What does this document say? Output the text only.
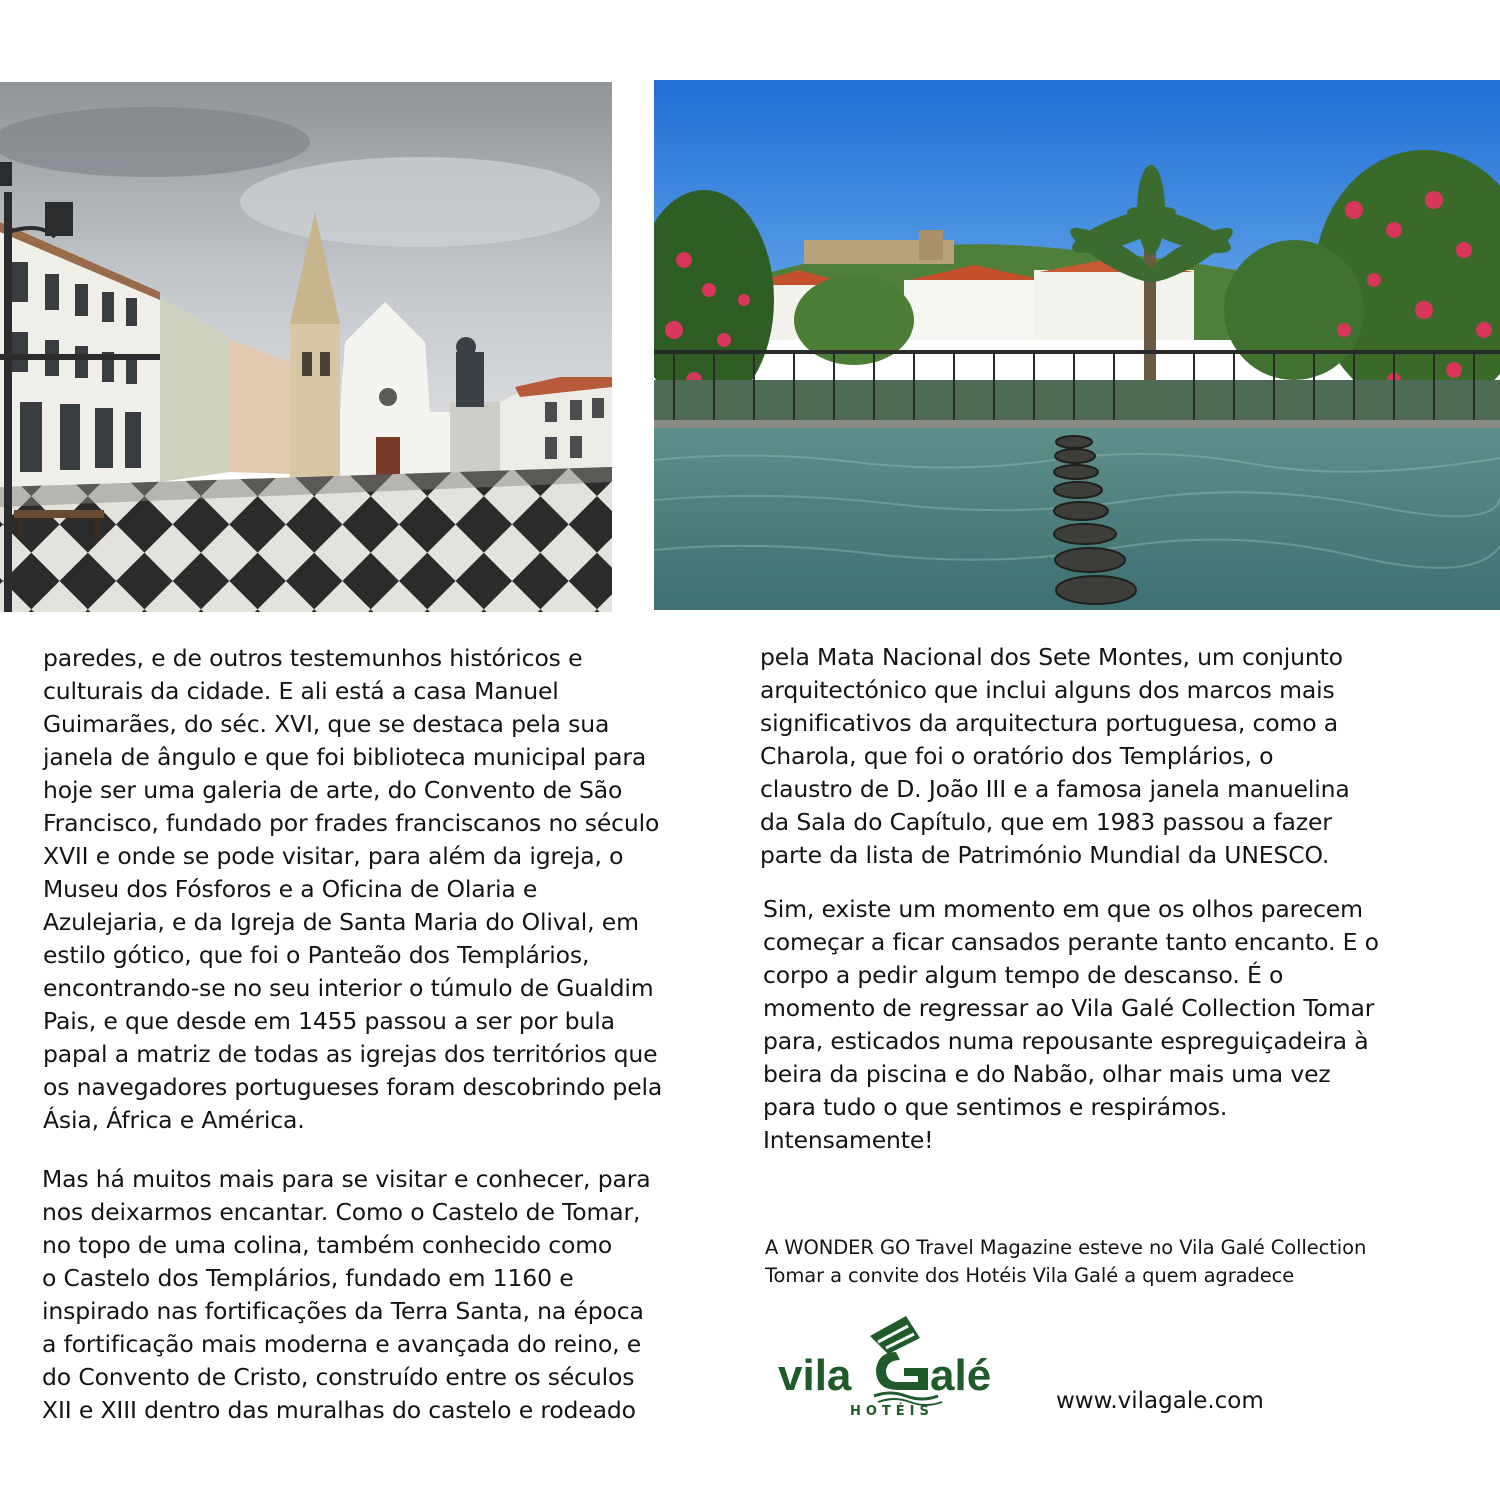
paredes, e de outros testemunhos históricos e

culturais da cidade. E ali está a casa Manuel

Guimarães, do séc. XVI, que se destaca pela sua

janela de ângulo e que foi biblioteca municipal para

hoje ser uma galeria de arte, do Convento de São

Francisco, fundado por frades franciscanos no século

XVII e onde se pode visitar, para além da igreja, o

Museu dos Fósforos e a Oficina de Olaria e

Azulejaria, e da Igreja de Santa Maria do Olival, em

estilo gótico, que foi o Panteão dos Templários,

encontrando-se no seu interior o túmulo de Gualdim

Pais, e que desde em 1455 passou a ser por bula

papal a matriz de todas as igrejas dos territórios que

os navegadores portugueses foram descobrindo pela

Ásia, África e América.

Mas há muitos mais para se visitar e conhecer, para

nos deixarmos encantar. Como o Castelo de Tomar,

no topo de uma colina, também conhecido como

o Castelo dos Templários, fundado em 1160 e

inspirado nas fortificações da Terra Santa, na época

a fortificação mais moderna e avançada do reino, e

do Convento de Cristo, construído entre os séculos

XII e XIII dentro das muralhas do castelo e rodeado

pela Mata Nacional dos Sete Montes, um conjunto

arquitectónico que inclui alguns dos marcos mais

significativos da arquitectura portuguesa, como a

Charola, que foi o oratório dos Templários, o

claustro de D. João III e a famosa janela manuelina

da Sala do Capítulo, que em 1983 passou a fazer

parte da lista de Património Mundial da UNESCO.

Sim, existe um momento em que os olhos parecem

começar a ficar cansados perante tanto encanto. E o

corpo a pedir algum tempo de descanso. É o

momento de regressar ao Vila Galé Collection Tomar

para, esticados numa repousante espreguiçadeira à

beira da piscina e do Nabão, olhar mais uma vez

para tudo o que sentimos e respirámos.

Intensamente!

A WONDER GO Travel Magazine esteve no Vila Galé Collection

Tomar a convite dos Hotéis Vila Galé a quem agradece

vila alé
HOTÉIS	www.vilagale.com
